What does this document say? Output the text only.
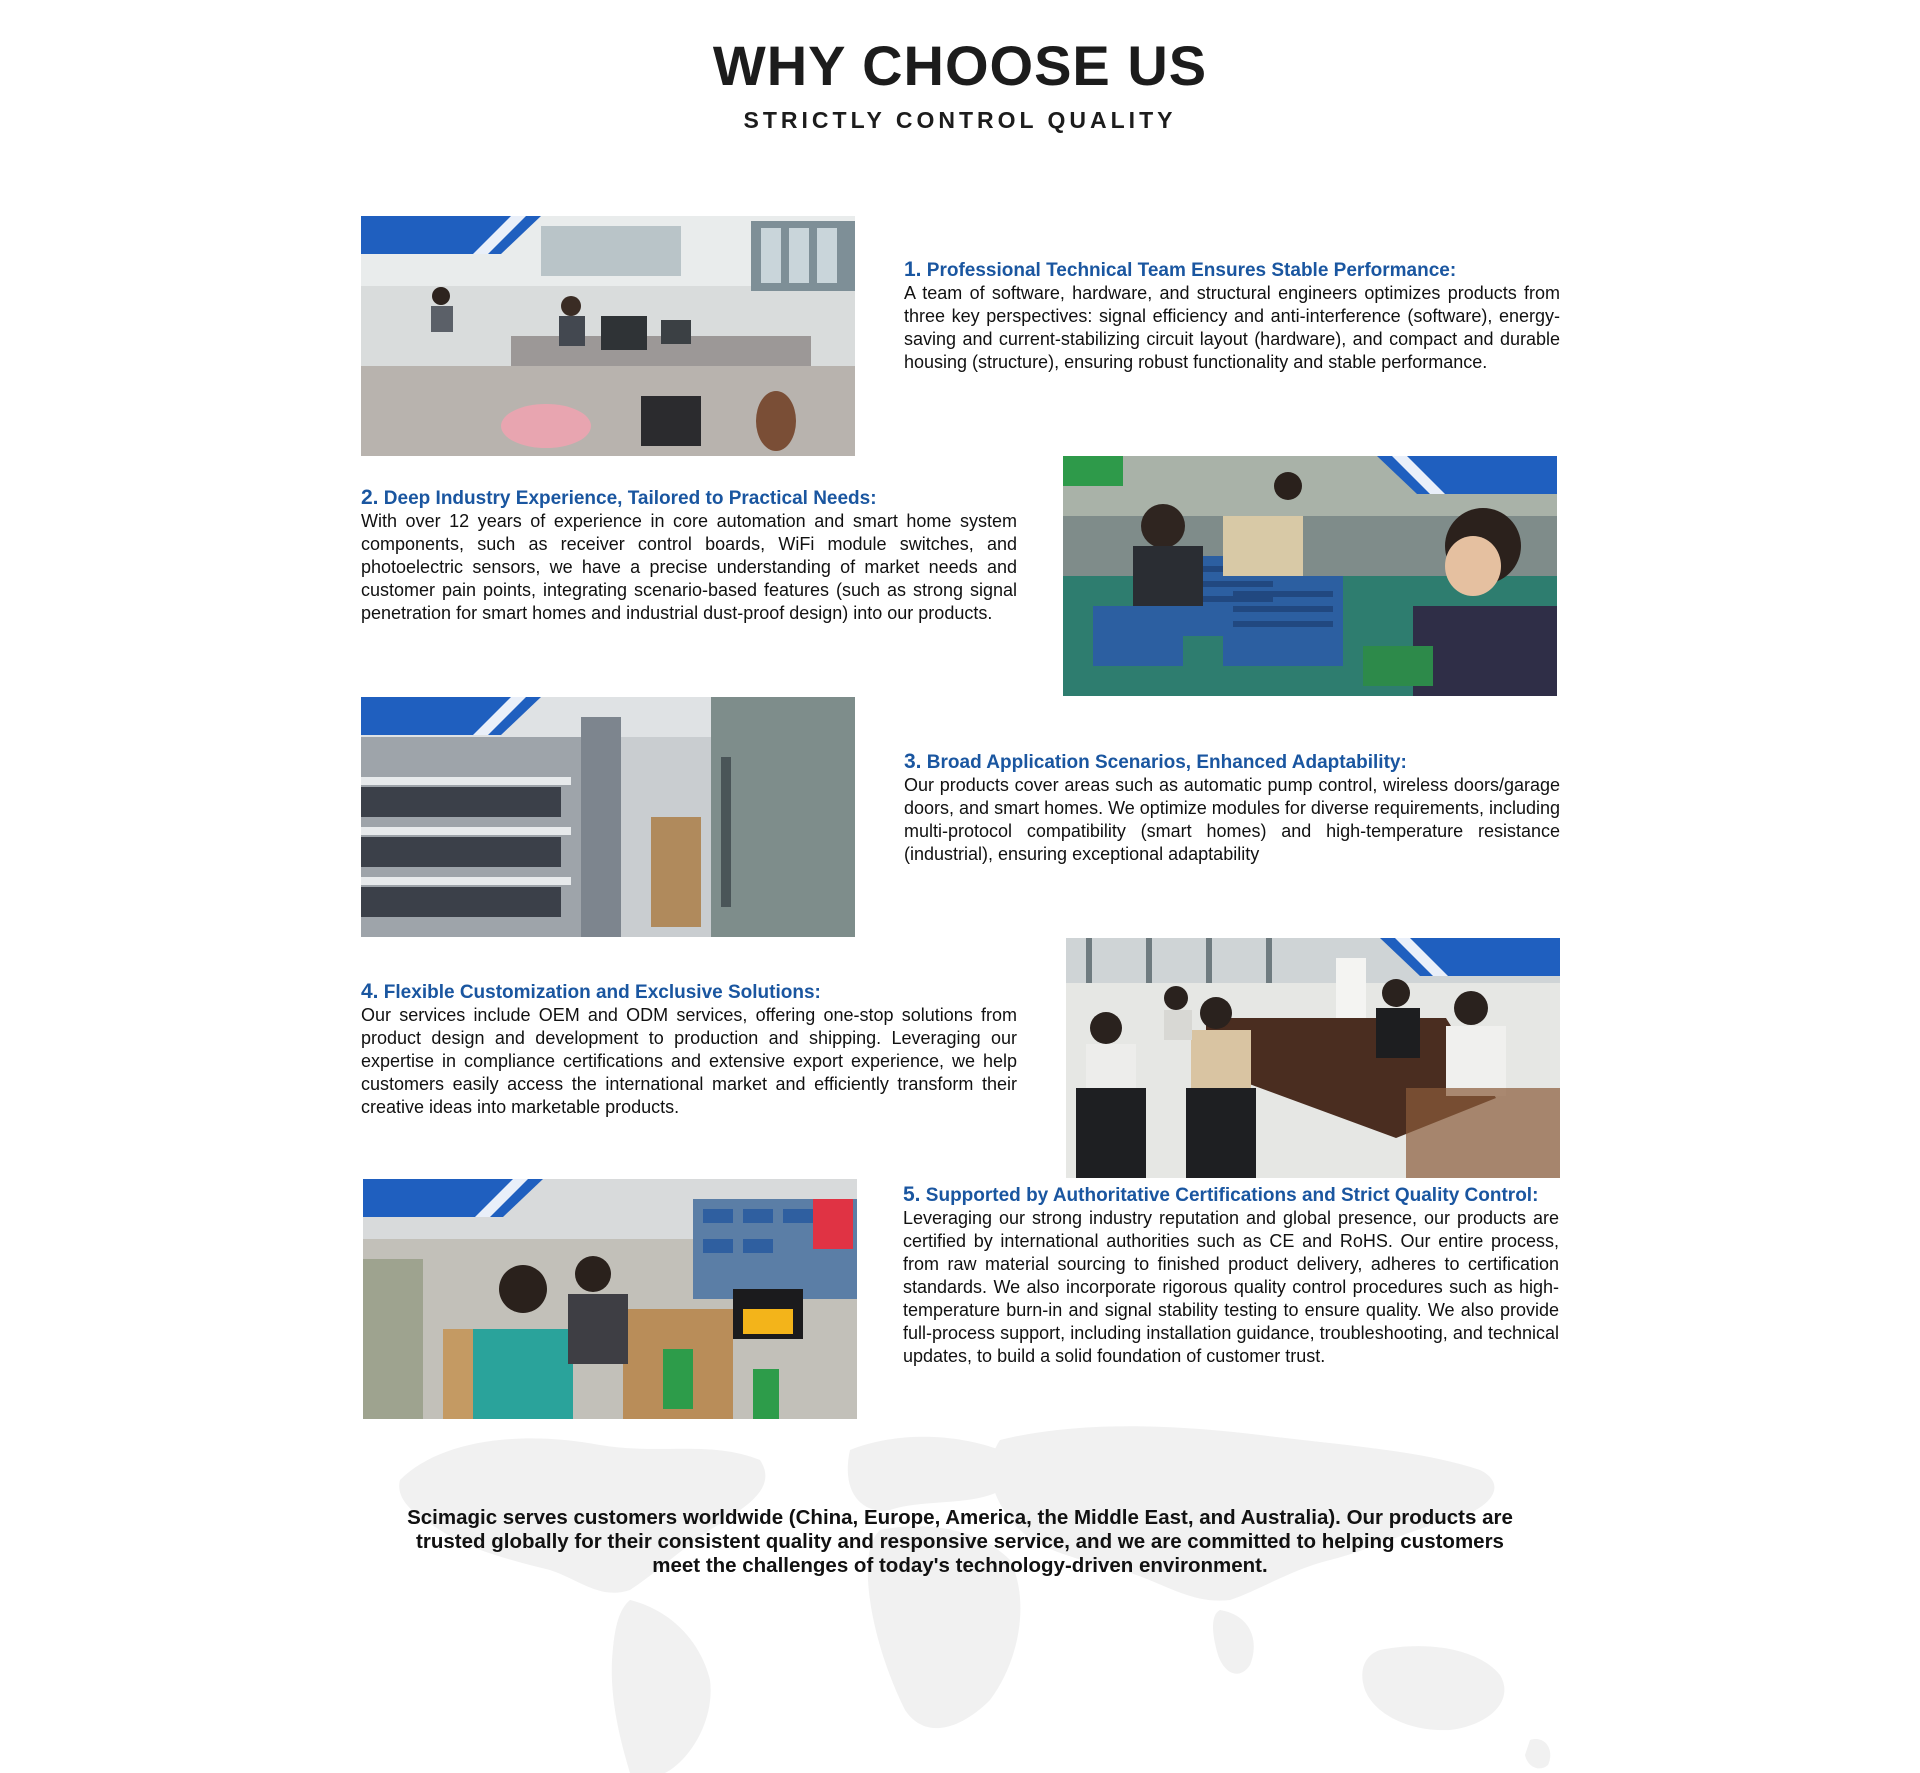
WHY CHOOSE US
STRICTLY CONTROL QUALITY
1. Professional Technical Team Ensures Stable Performance:

A team of software, hardware, and structural engineers optimizes products from three key perspectives: signal efficiency and anti-interference (software), energy-saving and current-stabilizing circuit layout (hardware), and compact and durable housing (structure), ensuring robust functionality and stable performance.

2. Deep Industry Experience, Tailored to Practical Needs:

With over 12 years of experience in core automation and smart home system components, such as receiver control boards, WiFi module switches, and photoelectric sensors, we have a precise understanding of market needs and customer pain points, integrating scenario-based features (such as strong signal penetration for smart homes and industrial dust-proof design) into our products.

3. Broad Application Scenarios, Enhanced Adaptability:

Our products cover areas such as automatic pump control, wireless doors/garage doors, and smart homes. We optimize modules for diverse requirements, including multi-protocol compatibility (smart homes) and high-temperature resistance (industrial), ensuring exceptional adaptability

4. Flexible Customization and Exclusive Solutions:

Our services include OEM and ODM services, offering one-stop solutions from product design and development to production and shipping. Leveraging our expertise in compliance certifications and extensive export experience, we help customers easily access the international market and efficiently transform their creative ideas into marketable products.

5. Supported by Authoritative Certifications and Strict Quality Control:

Leveraging our strong industry reputation and global presence, our products are certified by international authorities such as CE and RoHS. Our entire process, from raw material sourcing to finished product delivery, adheres to certification standards. We also incorporate rigorous quality control procedures such as high-temperature burn-in and signal stability testing to ensure quality. We also provide full-process support, including installation guidance, troubleshooting, and technical updates, to build a solid foundation of customer trust.

Scimagic serves customers worldwide (China, Europe, America, the Middle East, and Australia). Our products are trusted globally for their consistent quality and responsive service, and we are committed to helping customers meet the challenges of today's technology-driven environment.
